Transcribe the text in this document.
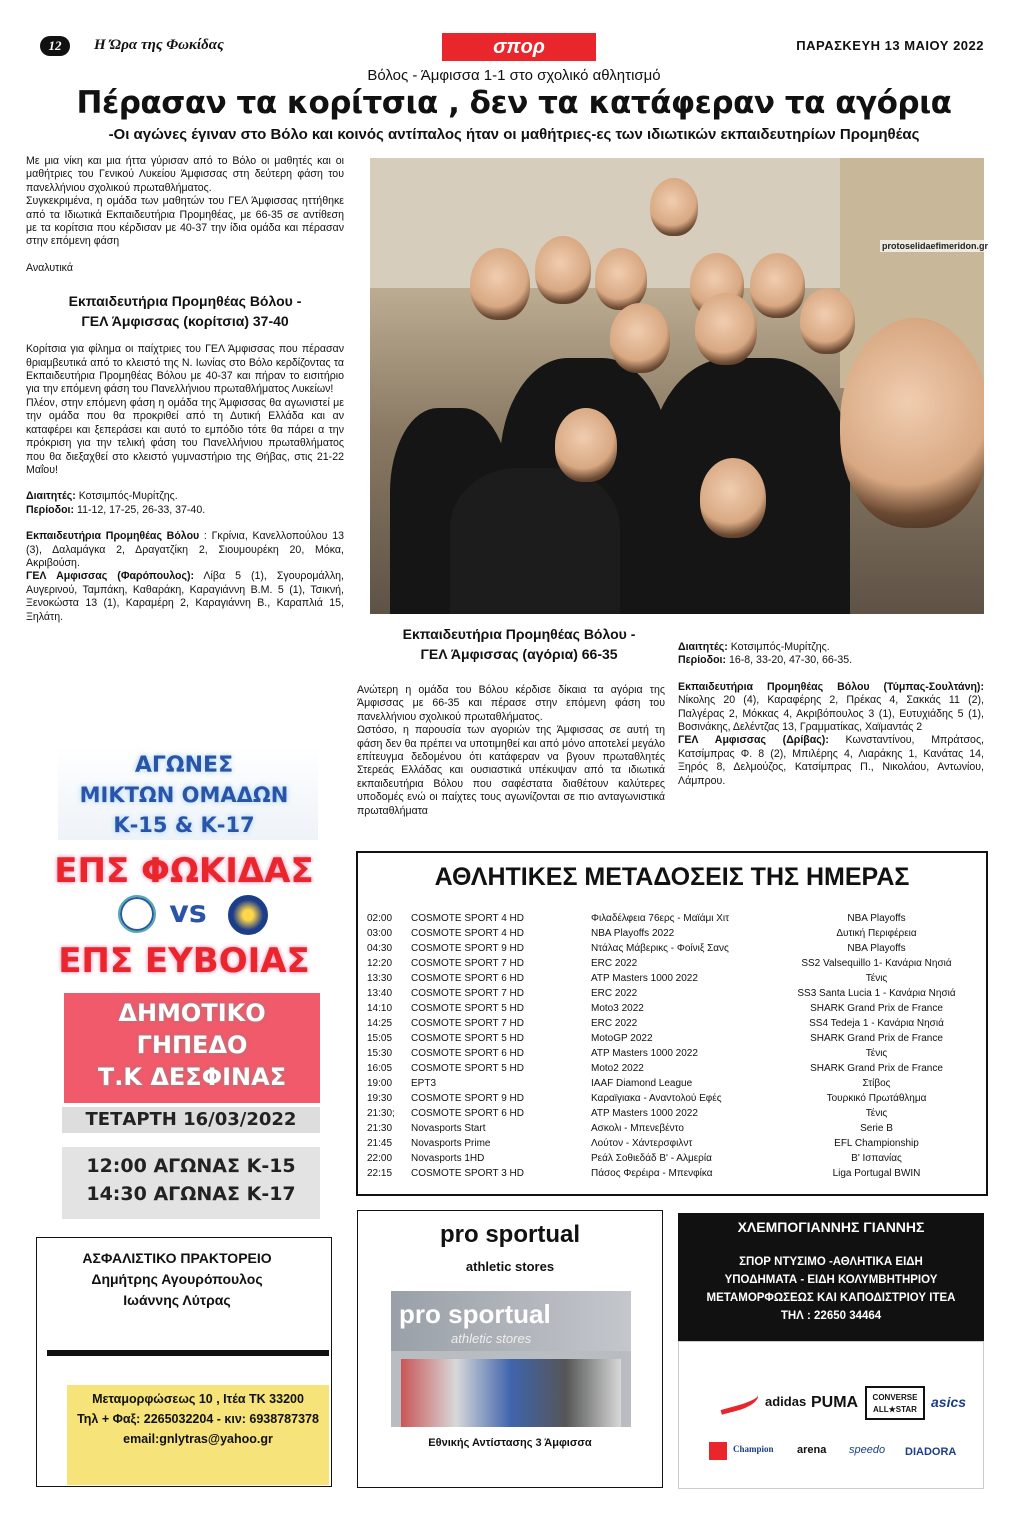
12	Η Ώρα της Φωκίδας	σπορ	ΠΑΡΑΣΚΕΥΗ 13 ΜΑΙΟΥ 2022
Βόλος - Άμφισσα 1-1 στο σχολικό αθλητισμό
Πέρασαν τα κορίτσια , δεν τα κατάφεραν τα αγόρια
-Οι αγώνες έγιναν στο Βόλο και κοινός αντίπαλος ήταν οι μαθήτριες-ες των ιδιωτικών εκπαιδευτηρίων Προμηθέας

Με μια νίκη και μια ήττα γύρισαν από το Βόλο οι μαθητές και οι μαθήτριες του Γενικού Λυκείου Άμφισσας στη δεύτερη φάση του πανελλήνιου σχολικού πρωταθλήματος.

Συγκεκριμένα, η ομάδα των μαθητών του ΓΕΛ Άμφισσας ηττήθηκε από τα Ιδιωτικά Εκπαιδευτήρια Προμηθέας, με 66-35 σε αντίθεση με τα κορίτσια που κέρδισαν με 40-37 την ίδια ομάδα και πέρασαν στην επόμενη φάση

Αναλυτικά

Εκπαιδευτήρια Προμηθέας Βόλου -
ΓΕΛ Άμφισσας (κορίτσια) 37-40

Κορίτσια για φίλημα οι παίχτριες του ΓΕΛ Άμφισσας που πέρασαν θριαμβευτικά από το κλειστό της Ν. Ιωνίας στο Βόλο κερδίζοντας τα Εκπαιδευτήρια Προμηθέας Βόλου με 40-37 και πήραν το εισιτήριο για την επόμενη φάση του Πανελλήνιου πρωταθλήματος Λυκείων!

Πλέον, στην επόμενη φάση η ομάδα της Άμφισσας θα αγωνιστεί με την ομάδα που θα προκριθεί από τη Δυτική Ελλάδα και αν καταφέρει και ξεπεράσει και αυτό το εμπόδιο τότε θα πάρει α την πρόκριση για την τελική φάση του Πανελλήνιου πρωταθλήματος που θα διεξαχθεί στο κλειστό γυμναστήριο της Θήβας, στις 21-22 Μαΐου!

Διαιτητές: Κοτσιμπός-Μυρίτζης.

Περίοδοι: 11-12, 17-25, 26-33, 37-40.

Εκπαιδευτήρια Προμηθέας Βόλου : Γκρίνια, Κανελλοπούλου 13 (3), Δαλαμάγκα 2, Δραγατζίκη 2, Σιουμουρέκη 20, Μόκα, Ακριβούση.

ΓΕΛ Αμφισσας (Φαρόπουλος): Λίβα 5 (1), Σγουρομάλλη, Αυγερινού, Ταμπάκη, Καθαράκη, Καραγιάννη Β.Μ. 5 (1), Τσικνή, Ξενοκώστα 13 (1), Καραμέρη 2, Καραγιάννη Β., Καραπλιά 15, Ξηλάτη.

protoselidaefimeridon.gr
Εκπαιδευτήρια Προμηθέας Βόλου -
ΓΕΛ Άμφισσας (αγόρια) 66-35

Ανώτερη η ομάδα του Βόλου κέρδισε δίκαια τα αγόρια της Άμφισσας με 66-35 και πέρασε στην επόμενη φάση του πανελλήνιου σχολικού πρωταθλήματος.

Ωστόσο, η παρουσία των αγοριών της Άμφισσας σε αυτή τη φάση δεν θα πρέπει να υποτιμηθεί και από μόνο αποτελεί μεγάλο επίτευγμα δεδομένου ότι κατάφεραν να βγουν πρωταθλητές Στερεάς Ελλάδας και ουσιαστικά υπέκυψαν από τα ιδιωτικά εκπαιδευτήρια Βόλου που σαφέστατα διαθέτουν καλύτερες υποδομές ενώ οι παίχτες τους αγωνίζονται σε πιο ανταγωνιστικά πρωταθλήματα

Διαιτητές: Κοτσιμπός-Μυρίτζης.

Περίοδοι: 16-8, 33-20, 47-30, 66-35.

Εκπαιδευτήρια Προμηθέας Βόλου (Τύμπας-Σουλτάνη): Νίκολης 20 (4), Καραφέρης 2, Πρέκας 4, Σακκάς 11 (2), Παλγέρας 2, Μόκκας 4, Ακριβόπουλος 3 (1), Ευτυχιάδης 5 (1), Βοσινάκης, Δελέντζας 13, Γραμματίκας, Χαϊμαντάς 2

ΓΕΛ Αμφισσας (Δρίβας): Κωνσταντίνου, Μπράτσος, Κατσίμπρας Φ. 8 (2), Μπιλέρης 4, Λιαράκης 1, Κανάτας 14, Ξηρός 8, Δελμούζος, Κατσίμπρας Π., Νικολάου, Αντωνίου, Λάμπρου.

ΑΓΩΝΕΣ
ΜΙΚΤΩΝ ΟΜΑΔΩΝ
Κ-15 & Κ-17
ΕΠΣ ΦΩΚΙΔΑΣ
vs
ΕΠΣ ΕΥΒΟΙΑΣ
ΔΗΜΟΤΙΚΟ
ΓΗΠΕΔΟ
Τ.Κ ΔΕΣΦΙΝΑΣ
ΤΕΤΑΡΤΗ 16/03/2022
12:00 ΑΓΩΝΑΣ Κ-15
14:30 ΑΓΩΝΑΣ Κ-17
ΑΘΛΗΤΙΚΕΣ ΜΕΤΑΔΟΣΕΙΣ ΤΗΣ ΗΜΕΡΑΣ
02:00	COSMOTE SPORT 4 HD	Φιλαδέλφεια 76ερς - Μαϊάμι Χιτ	NBA Playoffs
03:00	COSMOTE SPORT 4 HD	NBA Playoffs 2022	Δυτική Περιφέρεια
04:30	COSMOTE SPORT 9 HD	Ντάλας Μάβερικς - Φοίνιξ Σανς	NBA Playoffs
12:20	COSMOTE SPORT 7 HD	ERC 2022	SS2 Valsequillo 1- Κανάρια Νησιά
13:30	COSMOTE SPORT 6 HD	ATP Masters 1000 2022	Τένις
13:40	COSMOTE SPORT 7 HD	ERC 2022	SS3 Santa Lucia 1 - Κανάρια Νησιά
14:10	COSMOTE SPORT 5 HD	Moto3 2022	SHARK Grand Prix de France
14:25	COSMOTE SPORT 7 HD	ERC 2022	SS4 Tedeja 1 - Κανάρια Νησιά
15:05	COSMOTE SPORT 5 HD	MotoGP 2022	SHARK Grand Prix de France
15:30	COSMOTE SPORT 6 HD	ATP Masters 1000 2022	Τένις
16:05	COSMOTE SPORT 5 HD	Moto2 2022	SHARK Grand Prix de France
19:00	ΕΡΤ3	IAAF Diamond League	Στίβος
19:30	COSMOTE SPORT 9 HD	Καραϊγιακα - Αναντολού Εφές	Τουρκικό Πρωτάθλημα
21:30;	COSMOTE SPORT 6 HD	ATP Masters 1000 2022	Τένις
21:30	Novasports Start	Ασκολι - Μπενεβέντο	Serie B
21:45	Novasports Prime	Λούτον - Χάντερσφιλντ	EFL Championship
22:00	Novasports 1HD	Ρεάλ Σοθιεδάδ Β' - Αλμερία	Β' Ισπανίας
22:15	COSMOTE SPORT 3 HD	Πάσος Φερέιρα - Μπενφίκα	Liga Portugal BWIN
ΑΣΦΑΛΙΣΤΙΚΟ ΠΡΑΚΤΟΡΕΙΟ
Δημήτρης Αγουρόπουλος
Ιωάννης Λύτρας
Μεταμορφώσεως 10 , Ιτέα ΤΚ 33200
Τηλ + Φαξ: 2265032204 - κιν: 6938787378
email:gnlytras@yahoo.gr
pro sportual
athletic stores
pro sportual
athletic stores
Εθνικής Αντίστασης 3 Άμφισσα
ΧΛΕΜΠΟΓΙΑΝΝΗΣ ΓΙΑΝΝΗΣ
ΣΠΟΡ ΝΤΥΣΙΜΟ -ΑΘΛΗΤΙΚΑ ΕΙΔΗ
ΥΠΟΔΗΜΑΤΑ - ΕΙΔΗ ΚΟΛΥΜΒΗΤΗΡΙΟΥ
ΜΕΤΑΜΟΡΦΩΣΕΩΣ ΚΑΙ ΚΑΠΟΔΙΣΤΡΙΟΥ ΙΤΕΑ
ΤΗΛ : 22650 34464
adidas PUMA	CONVERSE ALL★STAR	asics
Champion arena speedo DIADORA
